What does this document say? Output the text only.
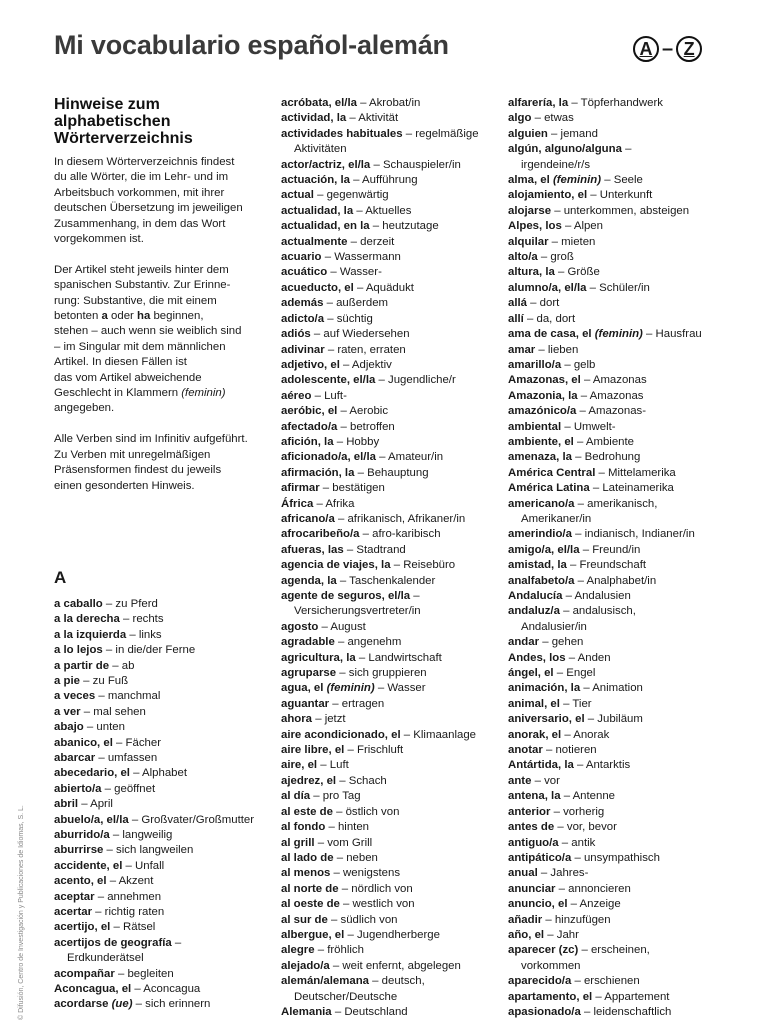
Mi vocabulario español-alemán	A – Z
© Difusión, Centro de Investigación y Publicaciones de Idiomas, S. L.
Hinweise zum
alphabetischen
Wörterverzeichnis
In diesem Wörterverzeichnis findest
du alle Wörter, die im Lehr- und im
Arbeitsbuch vorkommen, mit ihrer
deutschen Übersetzung im jeweiligen
Zusammenhang, in dem das Wort
vorgekommen ist.
Der Artikel steht jeweils hinter dem
spanischen Substantiv. Zur Erinne-
rung: Substantive, die mit einem
betonten a oder ha beginnen,
stehen – auch wenn sie weiblich sind
– im Singular mit dem männlichen
Artikel. In diesen Fällen ist
das vom Artikel abweichende
Geschlecht in Klammern (feminin)
angegeben.
Alle Verben sind im Infinitiv aufgeführt.
Zu Verben mit unregelmäßigen
Präsensformen findest du jeweils
einen gesonderten Hinweis.
A
a caballo – zu Pferd
a la derecha – rechts
a la izquierda – links
a lo lejos – in die/der Ferne
a partir de – ab
a pie – zu Fuß
a veces – manchmal
a ver – mal sehen
abajo – unten
abanico, el – Fächer
abarcar – umfassen
abecedario, el – Alphabet
abierto/a – geöffnet
abril – April
abuelo/a, el/la – Großvater/Großmutter
aburrido/a – langweilig
aburrirse – sich langweilen
accidente, el – Unfall
acento, el – Akzent
aceptar – annehmen
acertar – richtig raten
acertijo, el – Rätsel
acertijos de geografía –
Erdkunderätsel
acompañar – begleiten
Aconcagua, el – Aconcagua
acordarse (ue) – sich erinnern
acróbata, el/la – Akrobat/in
actividad, la – Aktivität
actividades habituales – regelmäßige
Aktivitäten
actor/actriz, el/la – Schauspieler/in
actuación, la – Aufführung
actual – gegenwärtig
actualidad, la – Aktuelles
actualidad, en la – heutzutage
actualmente – derzeit
acuario – Wassermann
acuático – Wasser-
acueducto, el – Aquädukt
además – außerdem
adicto/a – süchtig
adiós – auf Wiedersehen
adivinar – raten, erraten
adjetivo, el – Adjektiv
adolescente, el/la – Jugendliche/r
aéreo – Luft-
aeróbic, el – Aerobic
afectado/a – betroffen
afición, la – Hobby
aficionado/a, el/la – Amateur/in
afirmación, la – Behauptung
afirmar – bestätigen
África – Afrika
africano/a – afrikanisch, Afrikaner/in
afrocaribeño/a – afro-karibisch
afueras, las – Stadtrand
agencia de viajes, la – Reisebüro
agenda, la – Taschenkalender
agente de seguros, el/la –
Versicherungsvertreter/in
agosto – August
agradable – angenehm
agricultura, la – Landwirtschaft
agruparse – sich gruppieren
agua, el (feminin) – Wasser
aguantar – ertragen
ahora – jetzt
aire acondicionado, el – Klimaanlage
aire libre, el – Frischluft
aire, el – Luft
ajedrez, el – Schach
al día – pro Tag
al este de – östlich von
al fondo – hinten
al grill – vom Grill
al lado de – neben
al menos – wenigstens
al norte de – nördlich von
al oeste de – westlich von
al sur de – südlich von
albergue, el – Jugendherberge
alegre – fröhlich
alejado/a – weit enfernt, abgelegen
alemán/alemana – deutsch,
Deutscher/Deutsche
Alemania – Deutschland
alfarería, la – Töpferhandwerk
algo – etwas
alguien – jemand
algún, alguno/alguna –
irgendeine/r/s
alma, el (feminin) – Seele
alojamiento, el – Unterkunft
alojarse – unterkommen, absteigen
Alpes, los – Alpen
alquilar – mieten
alto/a – groß
altura, la – Größe
alumno/a, el/la – Schüler/in
allá – dort
allí – da, dort
ama de casa, el (feminin) – Hausfrau
amar – lieben
amarillo/a – gelb
Amazonas, el – Amazonas
Amazonia, la – Amazonas
amazónico/a – Amazonas-
ambiental – Umwelt-
ambiente, el – Ambiente
amenaza, la – Bedrohung
América Central – Mittelamerika
América Latina – Lateinamerika
americano/a – amerikanisch,
Amerikaner/in
amerindio/a – indianisch, Indianer/in
amigo/a, el/la – Freund/in
amistad, la – Freundschaft
analfabeto/a – Analphabet/in
Andalucía – Andalusien
andaluz/a – andalusisch,
Andalusier/in
andar – gehen
Andes, los – Anden
ángel, el – Engel
animación, la – Animation
animal, el – Tier
aniversario, el – Jubiläum
anorak, el – Anorak
anotar – notieren
Antártida, la – Antarktis
ante – vor
antena, la – Antenne
anterior – vorherig
antes de – vor, bevor
antiguo/a – antik
antipático/a – unsympathisch
anual – Jahres-
anunciar – annoncieren
anuncio, el – Anzeige
añadir – hinzufügen
año, el – Jahr
aparecer (zc) – erscheinen,
vorkommen
aparecido/a – erschienen
apartamento, el – Appartement
apasionado/a – leidenschaftlich
